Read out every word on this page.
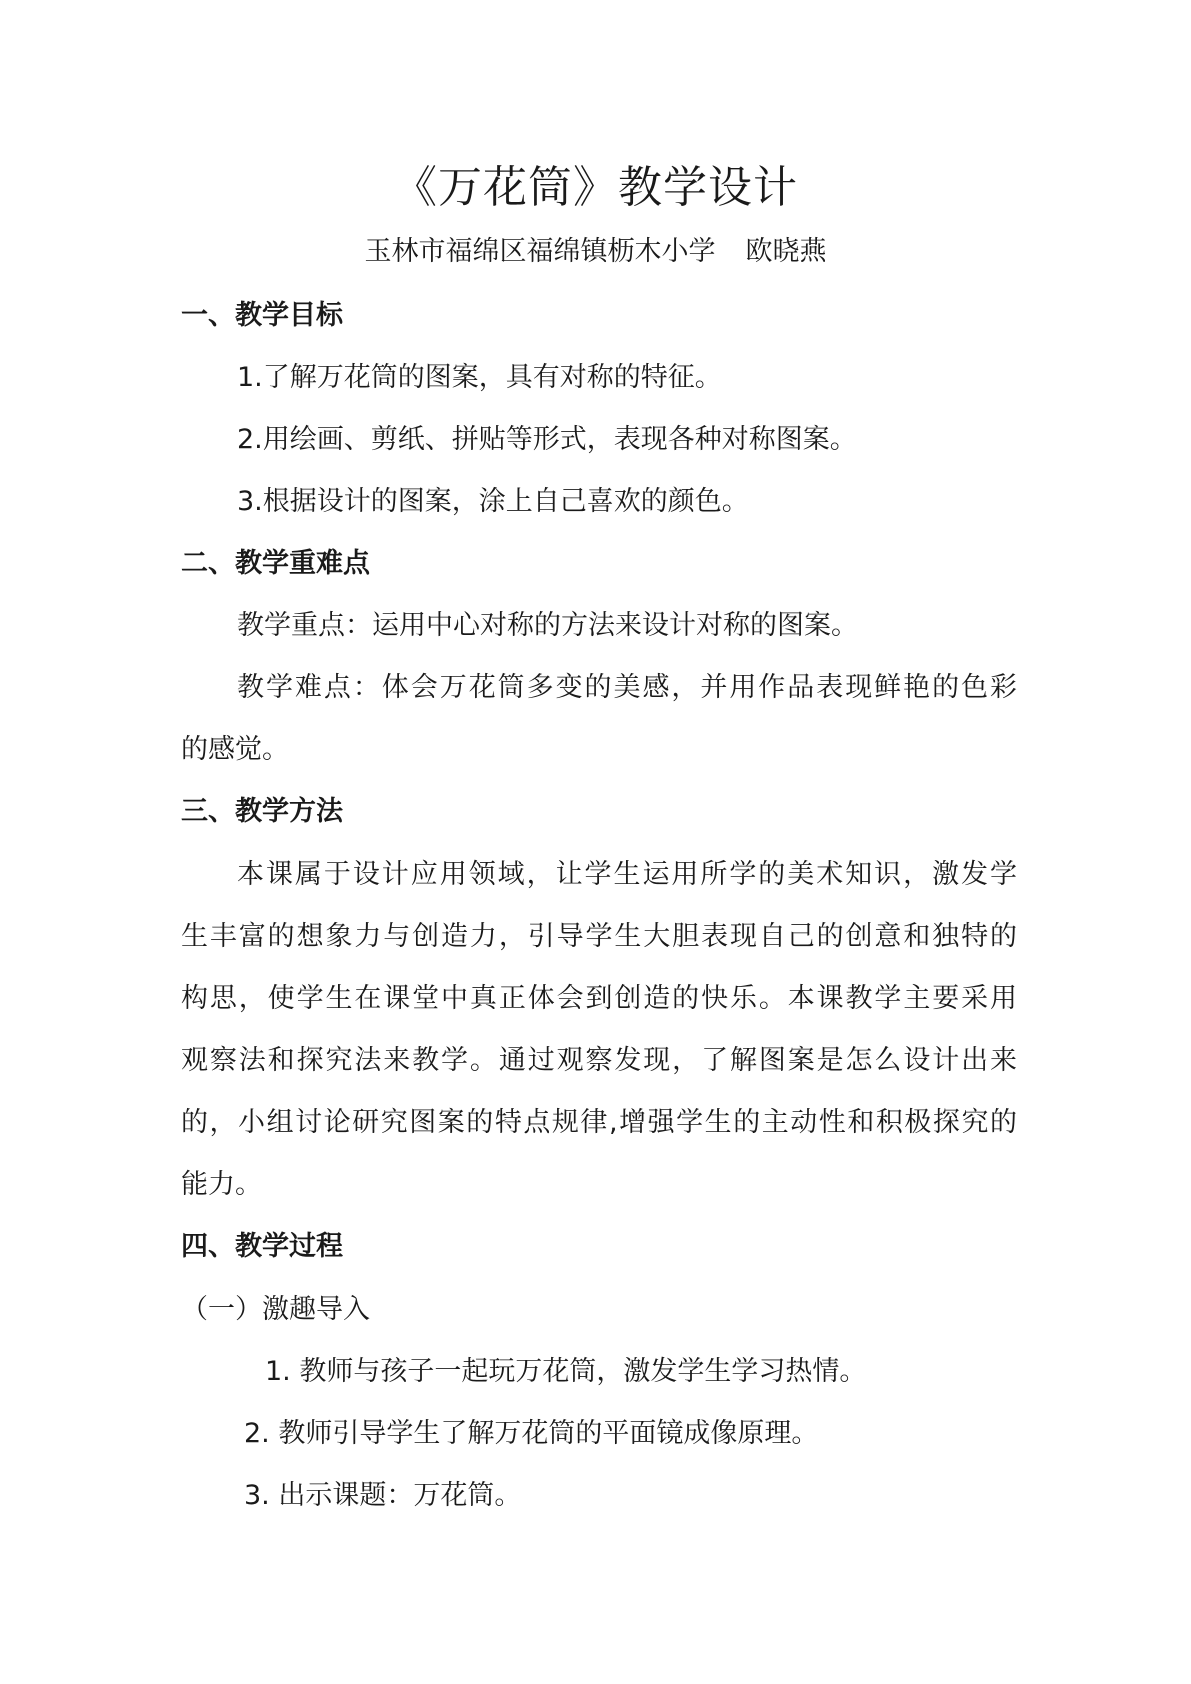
《万花筒》教学设计
玉林市福绵区福绵镇枥木小学 欧晓燕
一、教学目标
1.了解万花筒的图案，具有对称的特征。
2.用绘画、剪纸、拼贴等形式，表现各种对称图案。
3.根据设计的图案，涂上自己喜欢的颜色。
二、教学重难点
教学重点：运用中心对称的方法来设计对称的图案。
教学难点：体会万花筒多变的美感，并用作品表现鲜艳的色彩
的感觉。
三、教学方法
本课属于设计应用领域，让学生运用所学的美术知识，激发学
生丰富的想象力与创造力，引导学生大胆表现自己的创意和独特的
构思，使学生在课堂中真正体会到创造的快乐。本课教学主要采用
观察法和探究法来教学。通过观察发现，了解图案是怎么设计出来
的，小组讨论研究图案的特点规律,增强学生的主动性和积极探究的
能力。
四、教学过程
（一）激趣导入
1. 教师与孩子一起玩万花筒，激发学生学习热情。
2. 教师引导学生了解万花筒的平面镜成像原理。
3. 出示课题：万花筒。
